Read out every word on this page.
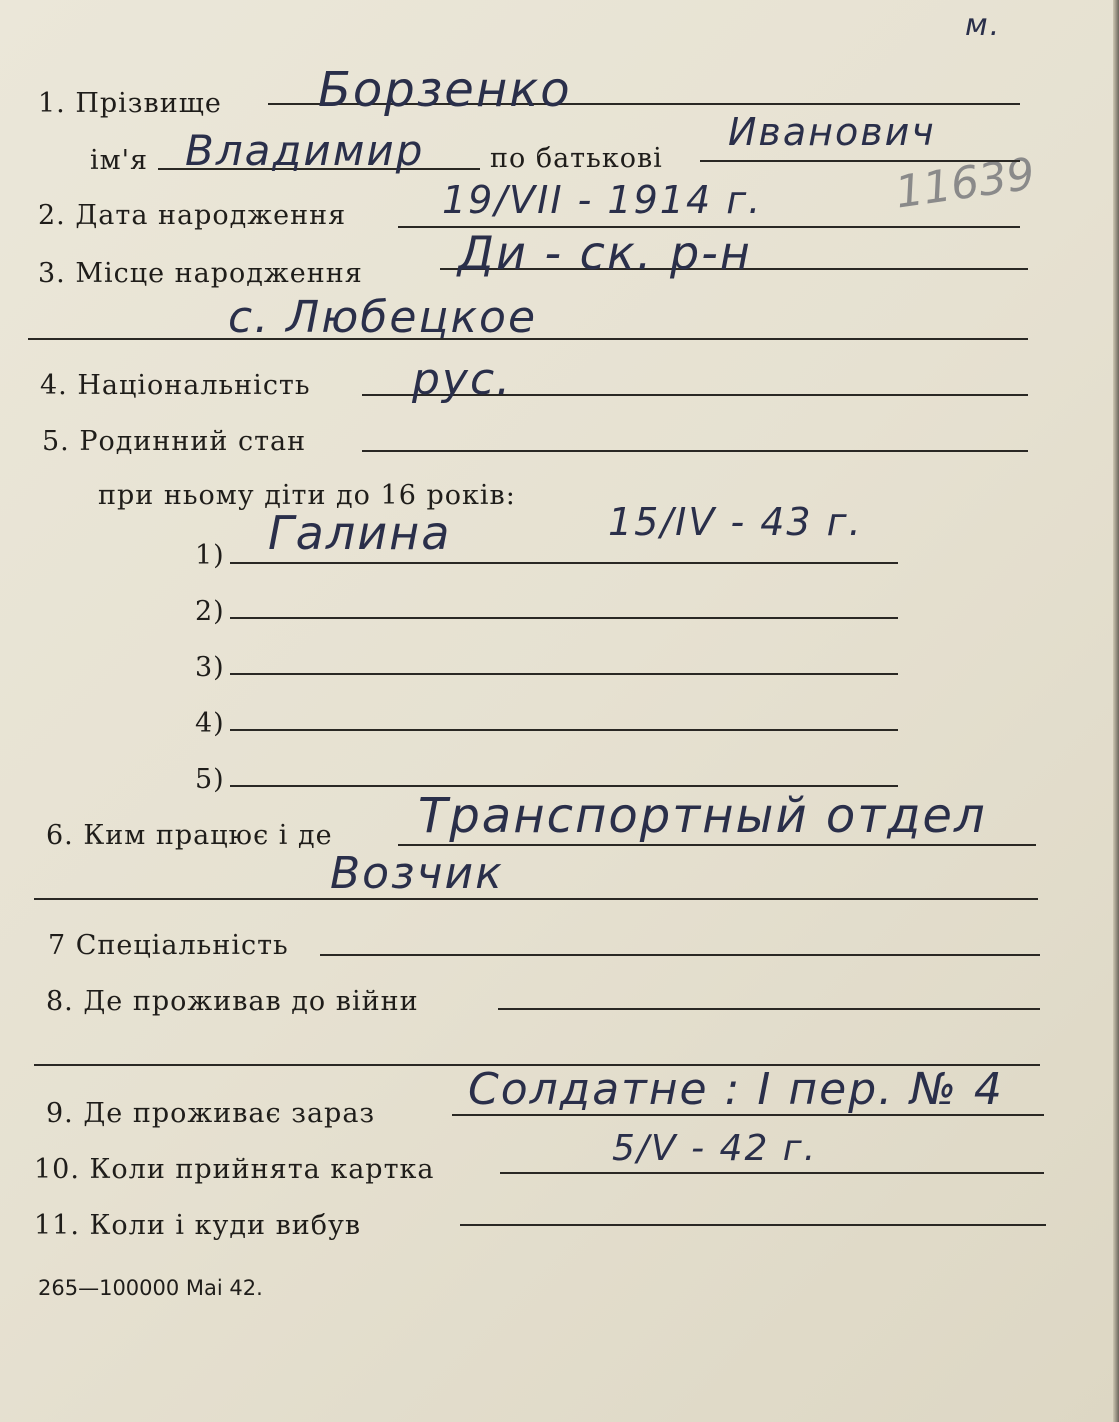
м.
11639
1. Прізвище Борзенко
ім'я Владимир по батькові
Иванович
2. Дата народження	19/VII - 1914 г.
3. Місце народження Ди - ск. р-н
с. Любецкое
4. Національність рус.
5. Родинний стан
при ньому діти до 16 років:
1) Галина	15/IV - 43 г.
2)
3)
4)
5)
6. Ким працює і де Транспортный отдел
Возчик
7 Спеціальність
8. Де проживав до війни
9. Де проживає зараз Солдатне : I пер. № 4
10. Коли прийнята картка
5/V - 42 г.
11. Коли і куди вибув
265—100000 Маі 42.
